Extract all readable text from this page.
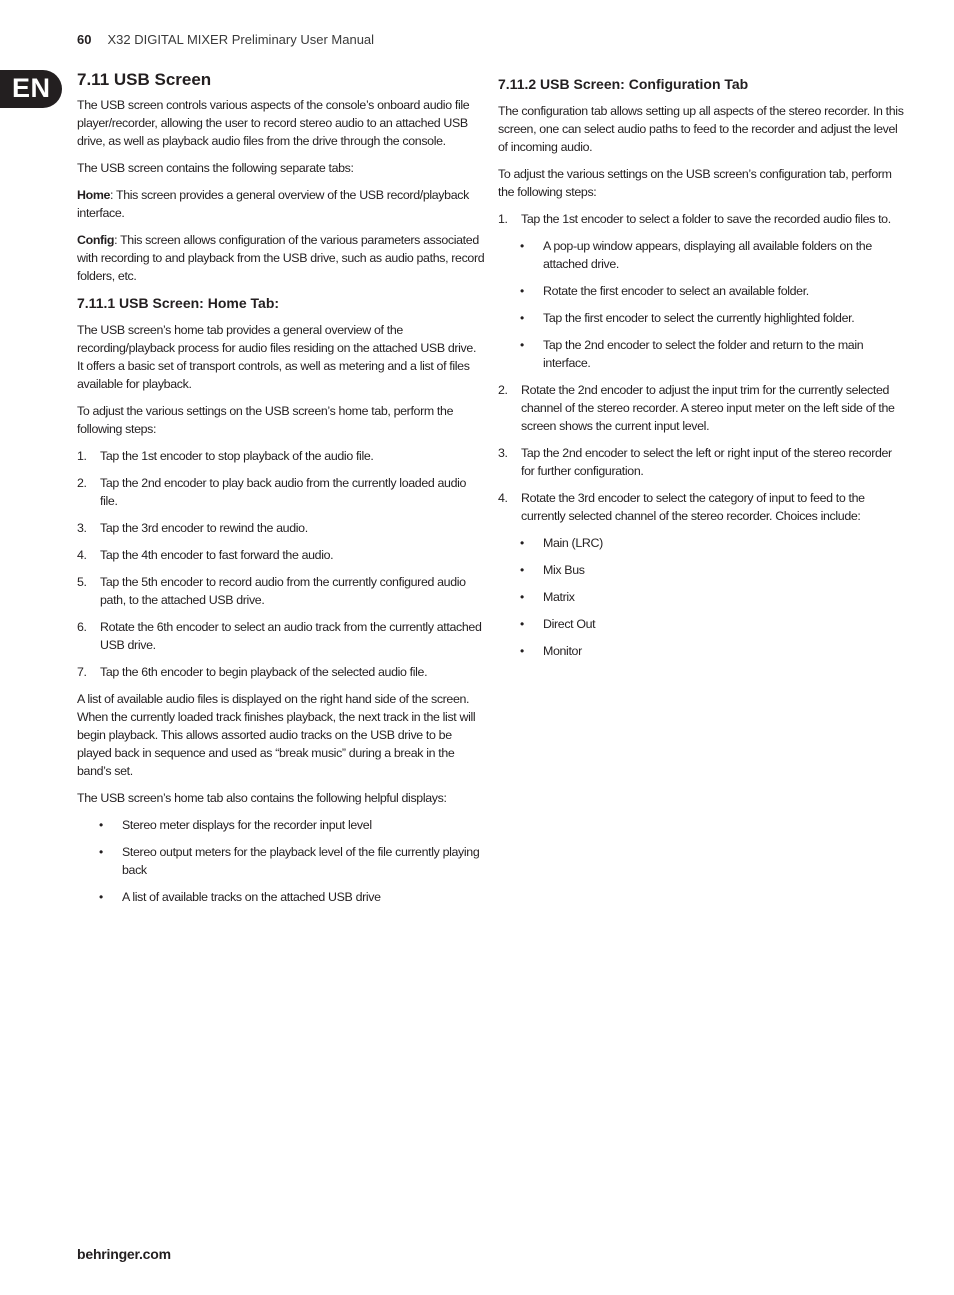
60 X32 DIGITAL MIXER Preliminary User Manual
EN 7.11 USB Screen

The USB screen controls various aspects of the console’s onboard audio file player/recorder, allowing the user to record stereo audio to an attached USB drive, as well as playback audio files from the drive through the console.

The USB screen contains the following separate tabs:

Home: This screen provides a general overview of the USB record/playback interface.

Config: This screen allows configuration of the various parameters associated with recording to and playback from the USB drive, such as audio paths, record folders, etc.

7.11.1 USB Screen: Home Tab:

The USB screen’s home tab provides a general overview of the recording/playback process for audio files residing on the attached USB drive. It offers a basic set of transport controls, as well as metering and a list of files available for playback.

To adjust the various settings on the USB screen’s home tab, perform the following steps:

1. Tap the 1st encoder to stop playback of the audio file.
2. Tap the 2nd encoder to play back audio from the currently loaded audio file.
3. Tap the 3rd encoder to rewind the audio.
4. Tap the 4th encoder to fast forward the audio.
5. Tap the 5th encoder to record audio from the currently configured audio path, to the attached USB drive.
6. Rotate the 6th encoder to select an audio track from the currently attached USB drive.
7. Tap the 6th encoder to begin playback of the selected audio file.

A list of available audio files is displayed on the right hand side of the screen. When the currently loaded track finishes playback, the next track in the list will begin playback. This allows assorted audio tracks on the USB drive to be played back in sequence and used as “break music” during a break in the band’s set.

The USB screen’s home tab also contains the following helpful displays:

• Stereo meter displays for the recorder input level
• Stereo output meters for the playback level of the file currently playing back
• A list of available tracks on the attached USB drive
7.11.2 USB Screen: Configuration Tab

The configuration tab allows setting up all aspects of the stereo recorder. In this screen, one can select audio paths to feed to the recorder and adjust the level of incoming audio.

To adjust the various settings on the USB screen’s configuration tab, perform the following steps:

1. Tap the 1st encoder to select a folder to save the recorded audio files to.
• A pop-up window appears, displaying all available folders on the attached drive.
• Rotate the first encoder to select an available folder.
• Tap the first encoder to select the currently highlighted folder.
• Tap the 2nd encoder to select the folder and return to the main interface.
2. Rotate the 2nd encoder to adjust the input trim for the currently selected channel of the stereo recorder. A stereo input meter on the left side of the screen shows the current input level.
3. Tap the 2nd encoder to select the left or right input of the stereo recorder for further configuration.
4. Rotate the 3rd encoder to select the category of input to feed to the currently selected channel of the stereo recorder. Choices include:
• Main (LRC)
• Mix Bus
• Matrix
• Direct Out
• Monitor
behringer.com
